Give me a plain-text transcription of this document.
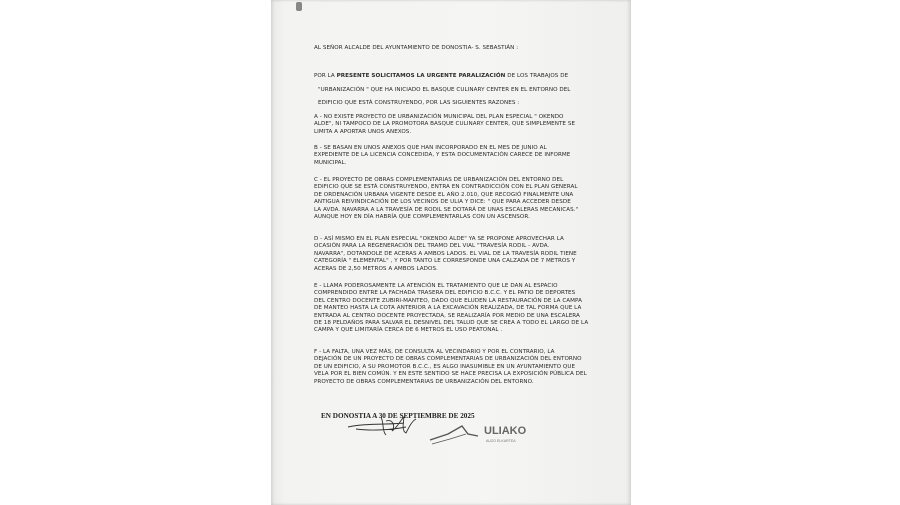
AL SEÑOR ALCALDE DEL AYUNTAMIENTO DE DONOSTIA- S. SEBASTIÁN :
POR LA PRESENTE SOLICITAMOS LA URGENTE PARALIZACIÓN DE LOS TRABAJOS DE
"URBANIZACIÓN " QUE HA INICIADO EL BASQUE CULINARY CENTER EN EL ENTORNO DEL
EDIFICIO QUE ESTÁ CONSTRUYENDO, POR LAS SIGUIENTES RAZONES :
A - NO EXISTE PROYECTO DE URBANIZACIÓN MUNICIPAL DEL PLAN ESPECIAL " OKENDO
ALDE", NI TAMPOCO DE LA PROMOTORA BASQUE CULINARY CENTER, QUE SIMPLEMENTE SE
LIMITA A APORTAR UNOS ANEXOS.
B - SE BASAN EN UNOS ANEXOS QUE HAN INCORPORADO EN EL MES DE JUNIO AL
EXPEDIENTE DE LA LICENCIA CONCEDIDA, Y ESTA DOCUMENTACIÓN CARECE DE INFORME
MUNICIPAL.
C - EL PROYECTO DE OBRAS COMPLEMENTARIAS DE URBANIZACIÓN DEL ENTORNO DEL
EDIFICIO QUE SE ESTÁ CONSTRUYENDO, ENTRA EN CONTRADICCIÓN CON EL PLAN GENERAL
DE ORDENACIÓN URBANA VIGENTE DESDE EL AÑO 2.010, QUE RECOGIÓ FINALMENTE UNA
ANTIGUA REIVINDICACIÓN DE LOS VECINOS DE ULIA Y DICE: " QUE PARA ACCEDER DESDE
LA AVDA. NAVARRA A LA TRAVESÍA DE RODIL SE DOTARÁ DE UNAS ESCALERAS MECANICAS."
AUNQUE HOY EN DÍA HABRÍA QUE COMPLEMENTARLAS CON UN ASCENSOR.
D - ASÍ MISMO EN EL PLAN ESPECIAL "OKENDO ALDE" YA SE PROPONE APROVECHAR LA
OCASIÓN PARA LA REGENERACIÓN DEL TRAMO DEL VIAL "TRAVESÍA RODIL - AVDA.
NAVARRA", DOTANDOLE DE ACERAS A AMBOS LADOS. EL VIAL DE LA TRAVESÍA RODIL TIENE
CATEGORÍA " ELEMENTAL" , Y POR TANTO LE CORRESPONDE UNA CALZADA DE 7 METROS Y
ACERAS DE 2,50 METROS A AMBOS LADOS.
E - LLAMA PODEROSAMENTE LA ATENCIÓN EL TRATAMIENTO QUE LE DAN AL ESPACIO
COMPRENDIDO ENTRE LA FACHADA TRASERA DEL EDIFICIO B.C.C. Y EL PATIO DE DEPORTES
DEL CENTRO DOCENTE ZUBIRI-MANTEO, DADO QUE ELUDEN LA RESTAURACIÓN DE LA CAMPA
DE MANTEO HASTA LA COTA ANTERIOR A LA EXCAVACIÓN REALIZADA, DE TAL FORMA QUE LA
ENTRADA AL CENTRO DOCENTE PROYECTADA, SE REALIZARÍA POR MEDIO DE UNA ESCALERA
DE 18 PELDAÑOS PARA SALVAR EL DESNIVEL DEL TALUD QUE SE CREA A TODO EL LARGO DE LA
CAMPA Y QUE LIMITARÍA CERCA DE 6 METROS EL USO PEATONAL .
F - LA FALTA, UNA VEZ MÁS, DE CONSULTA AL VECINDARIO Y POR EL CONTRARIO, LA
DEJACIÓN DE UN PROYECTO DE OBRAS COMPLEMENTARIAS DE URBANIZACIÓN DEL ENTORNO
DE UN EDIFICIO, A SU PROMOTOR B.C.C., ES ALGO INASUMIBLE EN UN AYUNTAMIENTO QUE
VELA POR EL BIEN COMÚN. Y EN ESTE SENTIDO SE HACE PRECISA LA EXPOSICIÓN PÚBLICA DEL
PROYECTO DE OBRAS COMPLEMENTARIAS DE URBANIZACIÓN DEL ENTORNO.
EN DONOSTIA A 30 DE SEPTIEMBRE DE 2025
ULIAKO
AUZO ELKARTEA
